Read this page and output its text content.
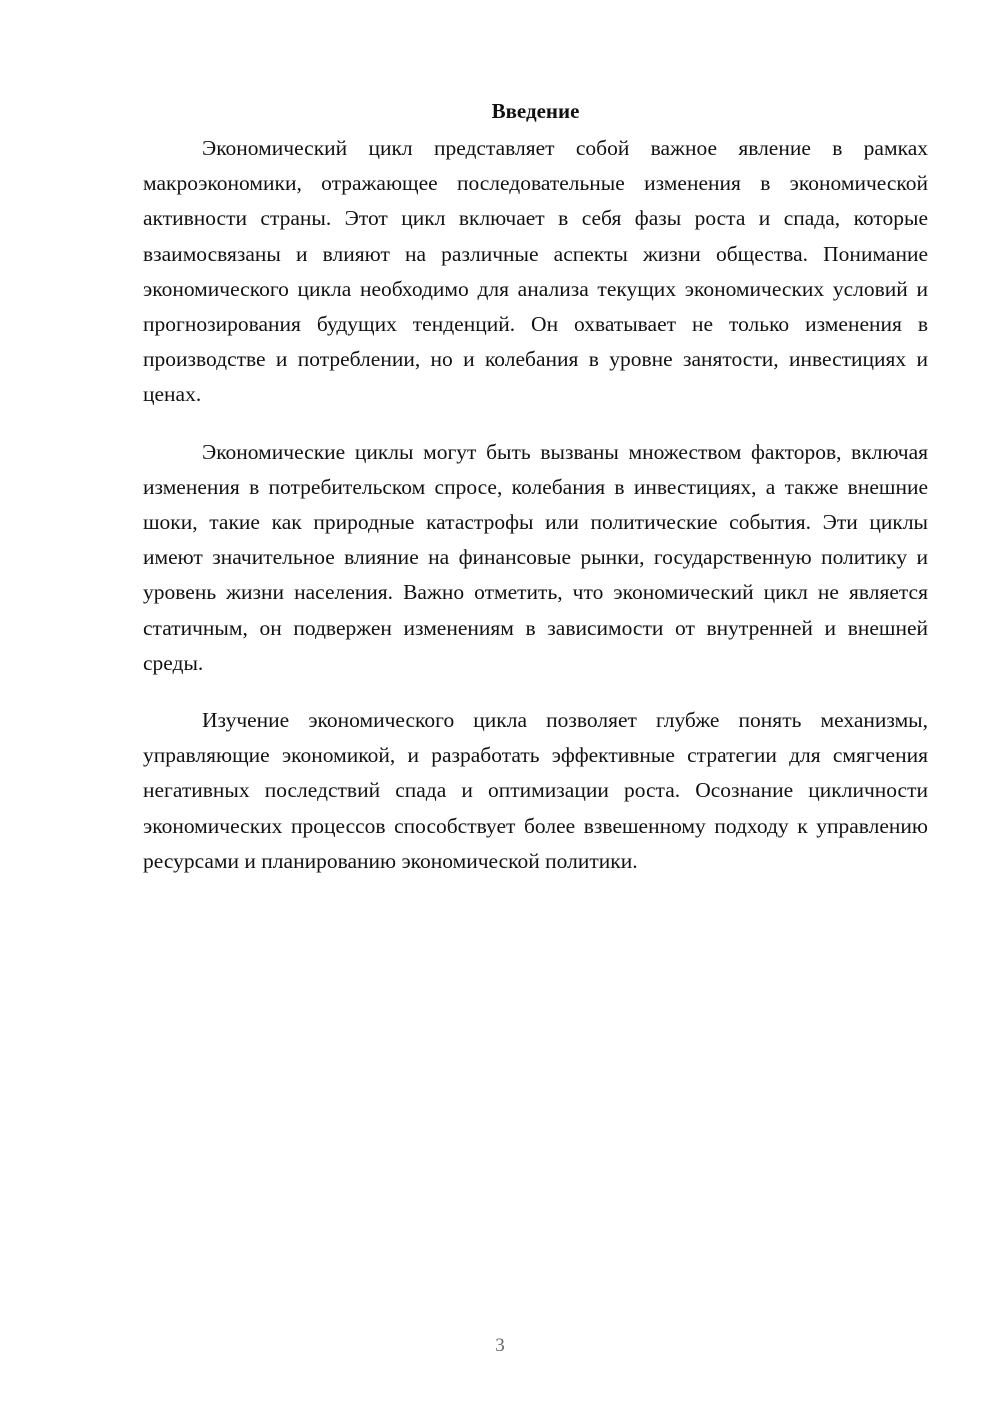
Введение

Экономический цикл представляет собой важное явление в рамках макроэкономики, отражающее последовательные изменения в экономической активности страны. Этот цикл включает в себя фазы роста и спада, которые взаимосвязаны и влияют на различные аспекты жизни общества. Понимание экономического цикла необходимо для анализа текущих экономических условий и прогнозирования будущих тенденций. Он охватывает не только изменения в производстве и потреблении, но и колебания в уровне занятости, инвестициях и ценах.

Экономические циклы могут быть вызваны множеством факторов, включая изменения в потребительском спросе, колебания в инвестициях, а также внешние шоки, такие как природные катастрофы или политические события. Эти циклы имеют значительное влияние на финансовые рынки, государственную политику и уровень жизни населения. Важно отметить, что экономический цикл не является статичным, он подвержен изменениям в зависимости от внутренней и внешней среды.

Изучение экономического цикла позволяет глубже понять механизмы, управляющие экономикой, и разработать эффективные стратегии для смягчения негативных последствий спада и оптимизации роста. Осознание цикличности экономических процессов способствует более взвешенному подходу к управлению ресурсами и планированию экономической политики.

3
